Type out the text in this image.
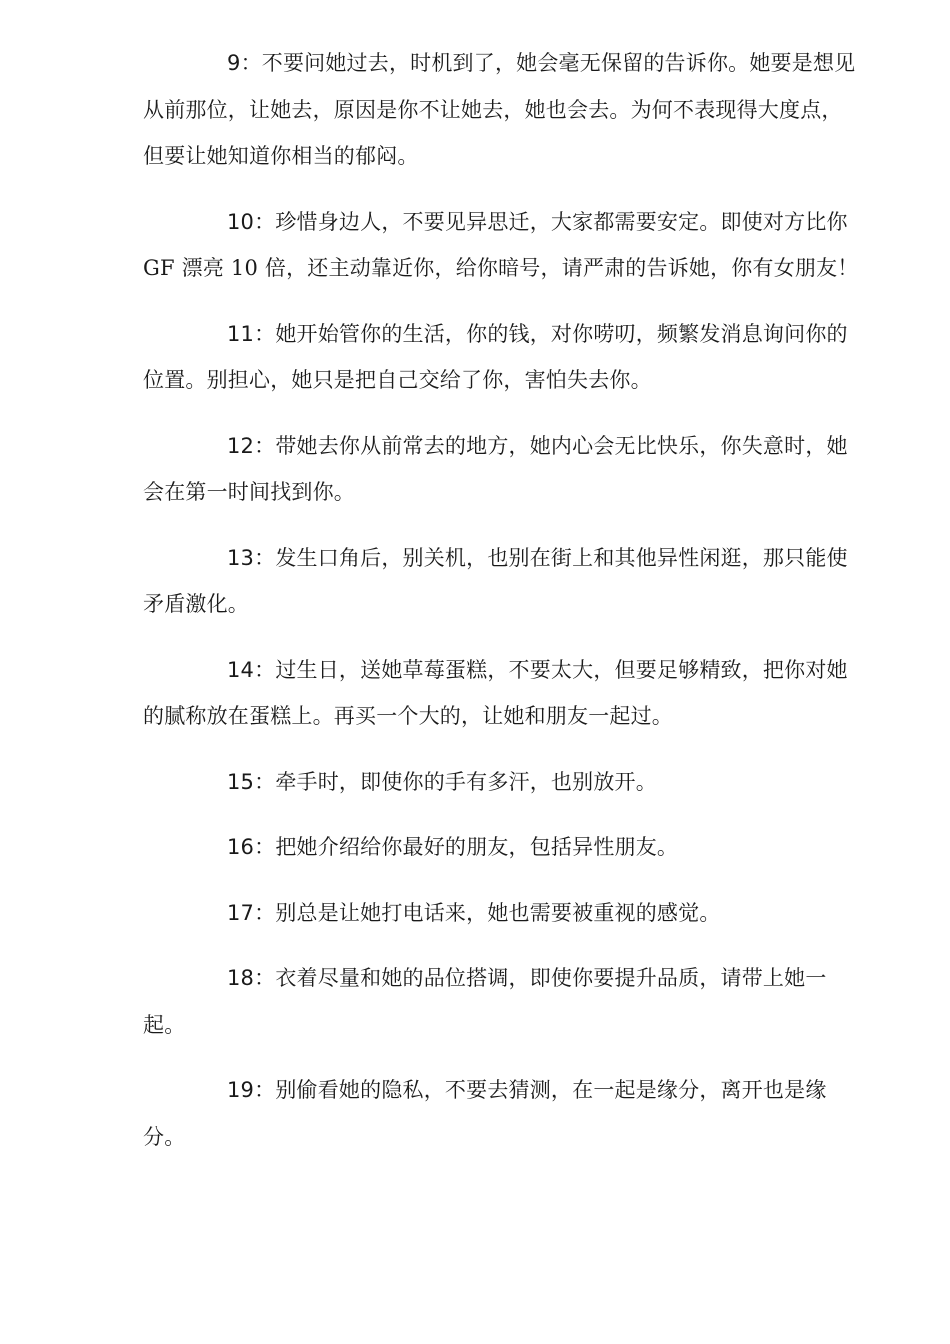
9：不要问她过去，时机到了，她会毫无保留的告诉你。她要是想见从前那位，让她去，原因是你不让她去，她也会去。为何不表现得大度点，但要让她知道你相当的郁闷。

10：珍惜身边人，不要见异思迁，大家都需要安定。即使对方比你 GF 漂亮 10 倍，还主动靠近你，给你暗号，请严肃的告诉她，你有女朋友！

11：她开始管你的生活，你的钱，对你唠叨，频繁发消息询问你的位置。别担心，她只是把自己交给了你，害怕失去你。

12：带她去你从前常去的地方，她内心会无比快乐，你失意时，她会在第一时间找到你。

13：发生口角后，别关机，也别在街上和其他异性闲逛，那只能使矛盾激化。

14：过生日，送她草莓蛋糕，不要太大，但要足够精致，把你对她的腻称放在蛋糕上。再买一个大的，让她和朋友一起过。

15：牵手时，即使你的手有多汗，也别放开。

16：把她介绍给你最好的朋友，包括异性朋友。

17：别总是让她打电话来，她也需要被重视的感觉。

18：衣着尽量和她的品位搭调，即使你要提升品质，请带上她一起。

19：别偷看她的隐私，不要去猜测，在一起是缘分，离开也是缘分。
